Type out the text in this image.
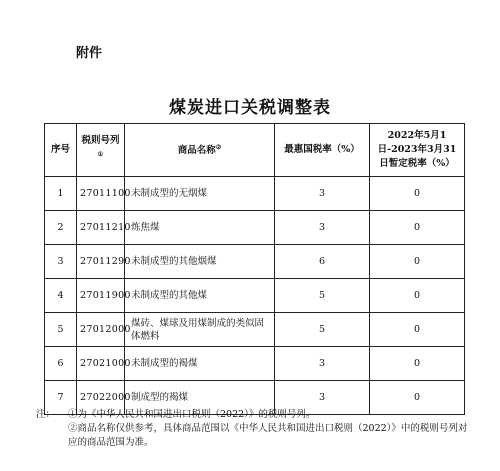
附件
煤炭进口关税调整表
序号	税则号列①	商品名称②	最惠国税率（%）	2022年5月1日-2023年3月31日暂定税率（%）
1	27011100	未制成型的无烟煤	3	0
2	27011210	炼焦煤	3	0
3	27011290	未制成型的其他烟煤	6	0
4	27011900	未制成型的其他煤	5	0
5	27012000	煤砖、煤球及用煤制成的类似固体燃料	5	0
6	27021000	未制成型的褐煤	3	0
7	27022000	制成型的褐煤	3	0
注：	①为《中华人民共和国进出口税则（2022）》的税则号列。
②商品名称仅供参考，具体商品范围以《中华人民共和国进出口税则（2022）》中的税则号列对应的商品范围为准。
